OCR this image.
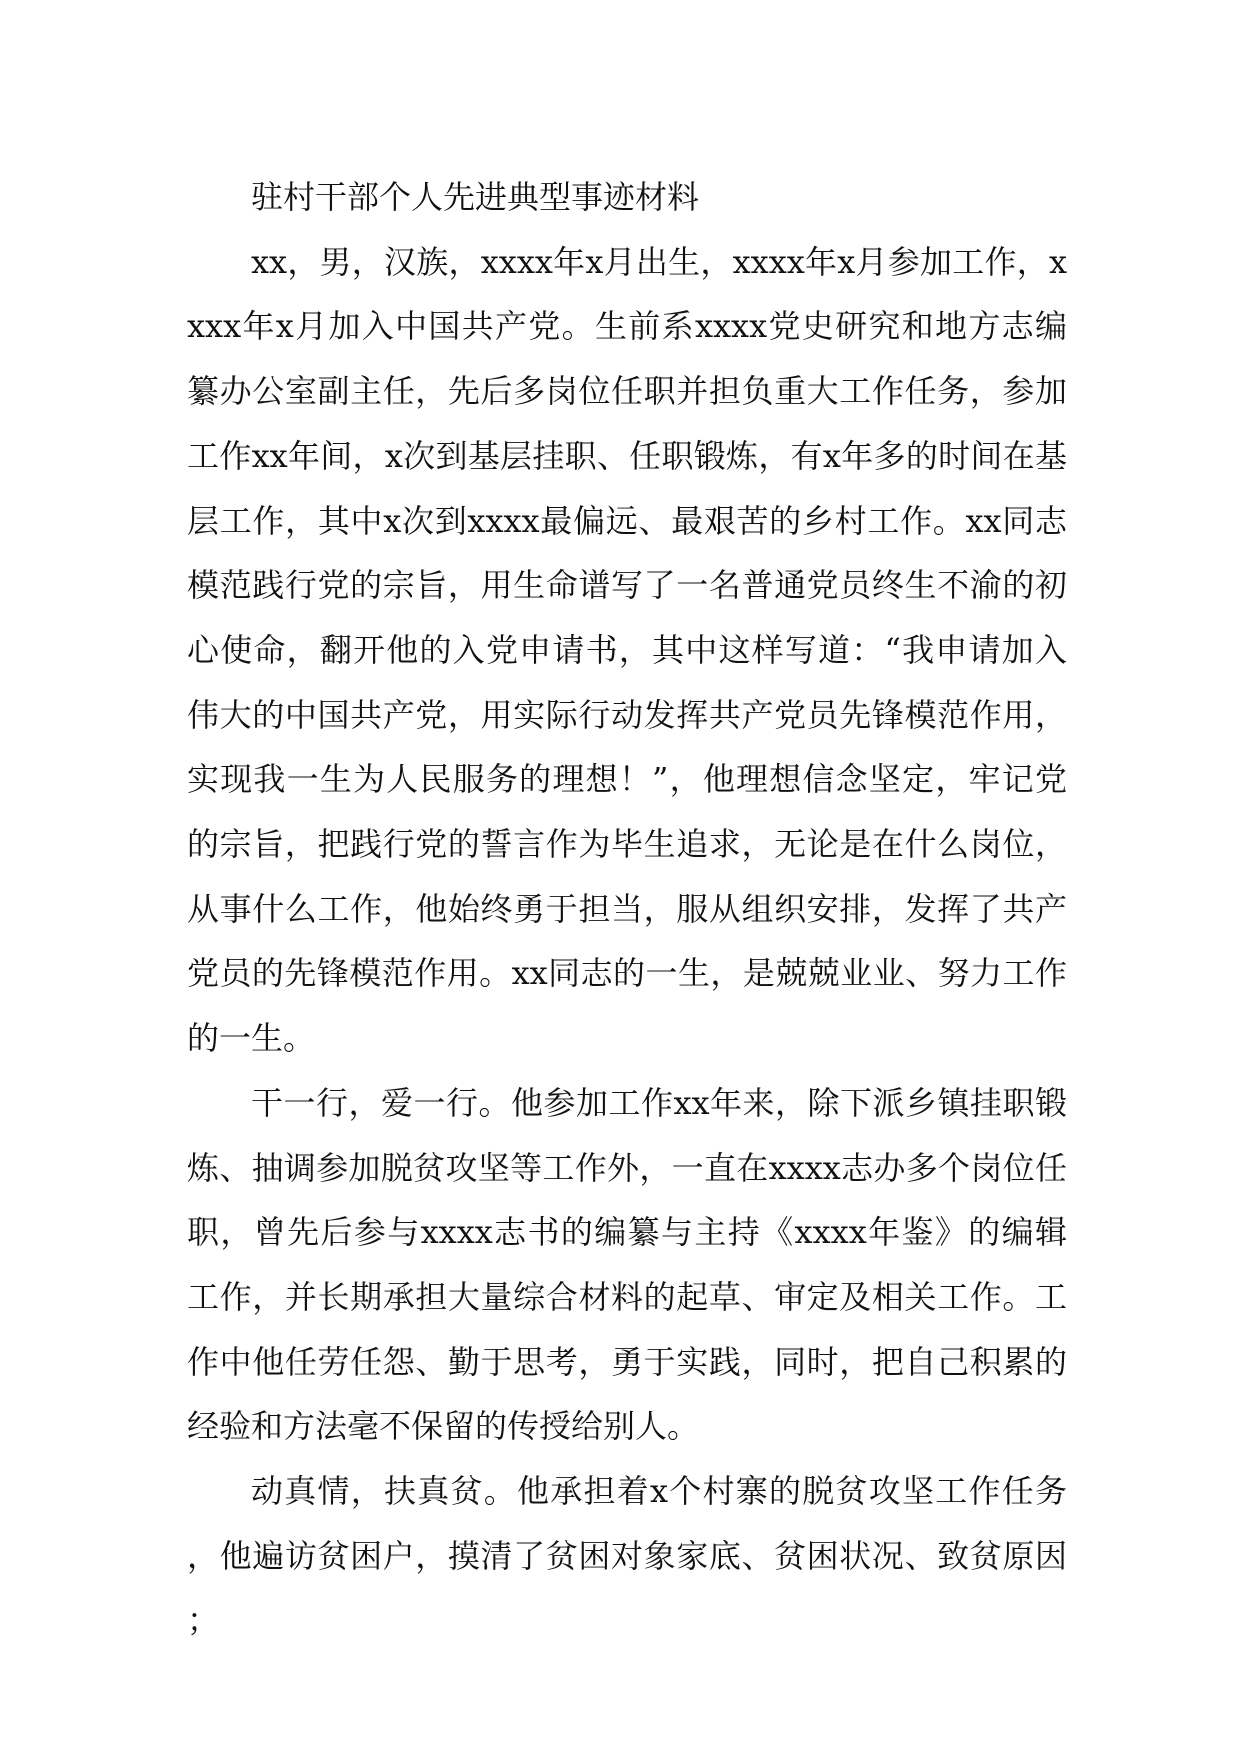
驻村干部个人先进典型事迹材料

xx，男，汉族，xxxx年x月出生，xxxx年x月参加工作，xxxx年x月加入中国共产党。生前系xxxx党史研究和地方志编纂办公室副主任，先后多岗位任职并担负重大工作任务，参加工作xx年间，x次到基层挂职、任职锻炼，有x年多的时间在基层工作，其中x次到xxxx最偏远、最艰苦的乡村工作。xx同志模范践行党的宗旨，用生命谱写了一名普通党员终生不渝的初心使命，翻开他的入党申请书，其中这样写道：“我申请加入伟大的中国共产党，用实际行动发挥共产党员先锋模范作用，实现我一生为人民服务的理想！”，他理想信念坚定，牢记党的宗旨，把践行党的誓言作为毕生追求，无论是在什么岗位，从事什么工作，他始终勇于担当，服从组织安排，发挥了共产党员的先锋模范作用。xx同志的一生，是兢兢业业、努力工作的一生。

干一行，爱一行。他参加工作xx年来，除下派乡镇挂职锻炼、抽调参加脱贫攻坚等工作外，一直在xxxx志办多个岗位任职，曾先后参与xxxx志书的编纂与主持《xxxx年鉴》的编辑工作，并长期承担大量综合材料的起草、审定及相关工作。工作中他任劳任怨、勤于思考，勇于实践，同时，把自己积累的经验和方法毫不保留的传授给别人。

动真情，扶真贫。他承担着x个村寨的脱贫攻坚工作任务，他遍访贫困户，摸清了贫困对象家底、贫困状况、致贫原因；
